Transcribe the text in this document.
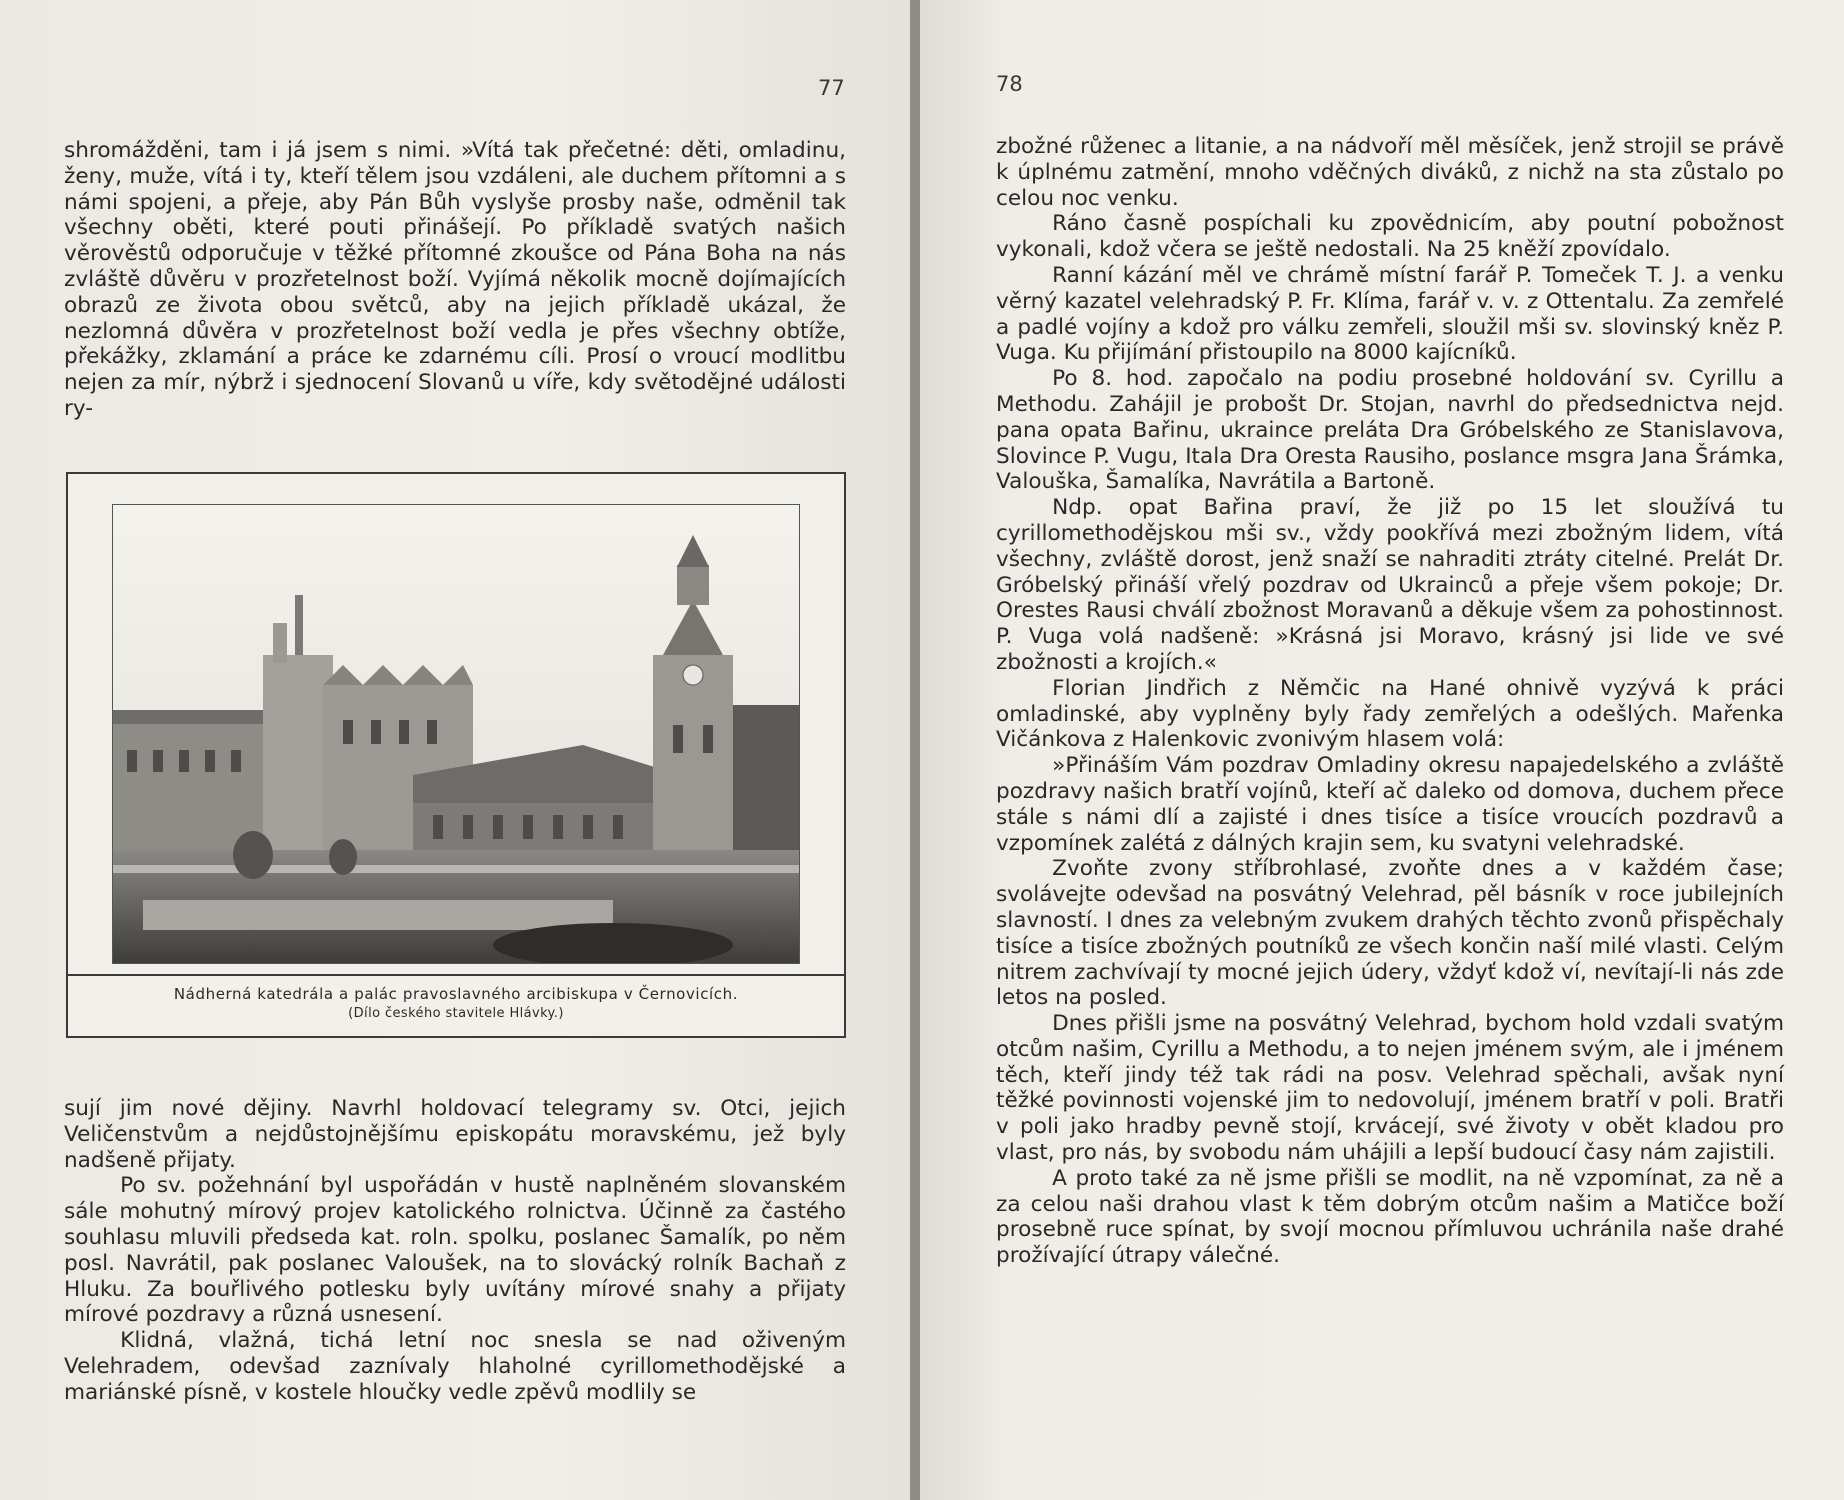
77

shromážděni, tam i já jsem s nimi. »Vítá tak přečetné: děti, omladinu, ženy, muže, vítá i ty, kteří tělem jsou vzdáleni, ale duchem přítomni a s námi spojeni, a přeje, aby Pán Bůh vyslyše prosby naše, odměnil tak všechny oběti, které pouti přinášejí. Po příkladě svatých našich věrověstů odporučuje v těžké přítomné zkoušce od Pána Boha na nás zvláště důvěru v prozřetelnost boží. Vyjímá několik mocně dojímajících obrazů ze života obou světců, aby na jejich příkladě ukázal, že nezlomná důvěra v prozřetelnost boží vedla je přes všechny obtíže, překážky, zklamání a práce ke zdarnému cíli. Prosí o vroucí modlitbu nejen za mír, nýbrž i sjednocení Slovanů u víře, kdy světodějné události ry-

Nádherná katedrála a palác pravoslavného arcibiskupa v Černovicích.
(Dílo českého stavitele Hlávky.)

sují jim nové dějiny. Navrhl holdovací telegramy sv. Otci, jejich Veličenstvům a nejdůstojnějšímu episkopátu moravskému, jež byly nadšeně přijaty.

Po sv. požehnání byl uspořádán v hustě naplněném slovanském sále mohutný mírový projev katolického rolnictva. Účinně za častého souhlasu mluvili předseda kat. roln. spolku, poslanec Šamalík, po něm posl. Navrátil, pak poslanec Valoušek, na to slovácký rolník Bachaň z Hluku. Za bouřlivého potlesku byly uvítány mírové snahy a přijaty mírové pozdravy a různá usnesení.

Klidná, vlažná, tichá letní noc snesla se nad oživeným Velehradem, odevšad zaznívaly hlaholné cyrillomethodějské a mariánské písně, v kostele hloučky vedle zpěvů modlily se

78

zbožné růženec a litanie, a na nádvoří měl měsíček, jenž strojil se právě k úplnému zatmění, mnoho vděčných diváků, z nichž na sta zůstalo po celou noc venku.

Ráno časně pospíchali ku zpovědnicím, aby poutní pobožnost vykonali, kdož včera se ještě nedostali. Na 25 kněží zpovídalo.

Ranní kázání měl ve chrámě místní farář P. Tomeček T. J. a venku věrný kazatel velehradský P. Fr. Klíma, farář v. v. z Ottentalu. Za zemřelé a padlé vojíny a kdož pro válku zemřeli, sloužil mši sv. slovinský kněz P. Vuga. Ku přijímání přistoupilo na 8000 kajícníků.

Po 8. hod. započalo na podiu prosebné holdování sv. Cyrillu a Methodu. Zahájil je probošt Dr. Stojan, navrhl do předsednictva nejd. pana opata Bařinu, ukraince preláta Dra Gróbelského ze Stanislavova, Slovince P. Vugu, Itala Dra Oresta Rausiho, poslance msgra Jana Šrámka, Valouška, Šamalíka, Navrátila a Bartoně.

Ndp. opat Bařina praví, že již po 15 let sloužívá tu cyrillomethodějskou mši sv., vždy pookřívá mezi zbožným lidem, vítá všechny, zvláště dorost, jenž snaží se nahraditi ztráty citelné. Prelát Dr. Gróbelský přináší vřelý pozdrav od Ukrainců a přeje všem pokoje; Dr. Orestes Rausi chválí zbožnost Moravanů a děkuje všem za pohostinnost. P. Vuga volá nadšeně: »Krásná jsi Moravo, krásný jsi lide ve své zbožnosti a krojích.«

Florian Jindřich z Němčic na Hané ohnivě vyzývá k práci omladinské, aby vyplněny byly řady zemřelých a odešlých. Mařenka Vičánkova z Halenkovic zvonivým hlasem volá:

»Přináším Vám pozdrav Omladiny okresu napajedelského a zvláště pozdravy našich bratří vojínů, kteří ač daleko od domova, duchem přece stále s námi dlí a zajisté i dnes tisíce a tisíce vroucích pozdravů a vzpomínek zalétá z dálných krajin sem, ku svatyni velehradské.

Zvoňte zvony stříbrohlasé, zvoňte dnes a v každém čase; svolávejte odevšad na posvátný Velehrad, pěl básník v roce jubilejních slavností. I dnes za velebným zvukem drahých těchto zvonů přispěchaly tisíce a tisíce zbožných poutníků ze všech končin naší milé vlasti. Celým nitrem zachvívají ty mocné jejich údery, vždyť kdož ví, nevítají-li nás zde letos na posled.

Dnes přišli jsme na posvátný Velehrad, bychom hold vzdali svatým otcům našim, Cyrillu a Methodu, a to nejen jménem svým, ale i jménem těch, kteří jindy též tak rádi na posv. Velehrad spěchali, avšak nyní těžké povinnosti vojenské jim to nedovolují, jménem bratří v poli. Bratři v poli jako hradby pevně stojí, krvácejí, své životy v obět kladou pro vlast, pro nás, by svobodu nám uhájili a lepší budoucí časy nám zajistili.

A proto také za ně jsme přišli se modlit, na ně vzpomínat, za ně a za celou naši drahou vlast k těm dobrým otcům našim a Matičce boží prosebně ruce spínat, by svojí mocnou přímluvou uchránila naše drahé prožívající útrapy válečné.
